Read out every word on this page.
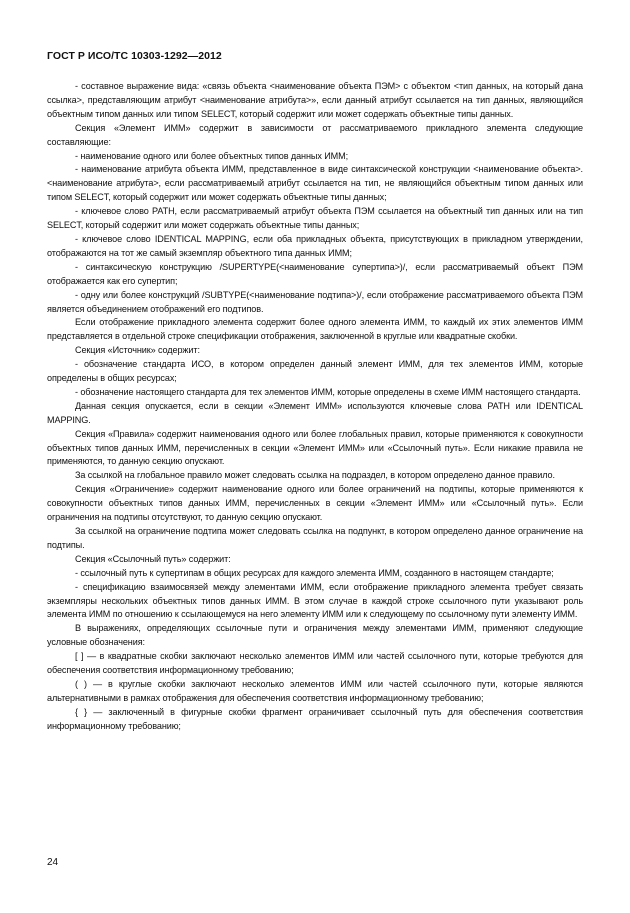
ГОСТ Р ИСО/ТС 10303-1292—2012

- составное выражение вида: «связь объекта <наименование объекта ПЭМ> с объектом <тип данных, на который дана ссылка>, представляющим атрибут <наименование атрибута>», если данный атрибут ссылается на тип данных, являющийся объектным типом данных или типом SELECT, который содержит или может содержать объектные типы данных.

Секция «Элемент ИММ» содержит в зависимости от рассматриваемого прикладного элемента следующие составляющие:

- наименование одного или более объектных типов данных ИММ;

- наименование атрибута объекта ИММ, представленное в виде синтаксической конструкции <наименование объекта>.<наименование атрибута>, если рассматриваемый атрибут ссылается на тип, не являющийся объектным типом данных или типом SELECT, который содержит или может содержать объектные типы данных;

- ключевое слово PATH, если рассматриваемый атрибут объекта ПЭМ ссылается на объектный тип данных или на тип SELECT, который содержит или может содержать объектные типы данных;

- ключевое слово IDENTICAL MAPPING, если оба прикладных объекта, присутствующих в прикладном утверждении, отображаются на тот же самый экземпляр объектного типа данных ИММ;

- синтаксическую конструкцию /SUPERTYPE(<наименование супертипа>)/, если рассматриваемый объект ПЭМ отображается как его супертип;

- одну или более конструкций /SUBTYPE(<наименование подтипа>)/, если отображение рассматриваемого объекта ПЭМ является объединением отображений его подтипов.

Если отображение прикладного элемента содержит более одного элемента ИММ, то каждый их этих элементов ИММ представляется в отдельной строке спецификации отображения, заключенной в круглые или квадратные скобки.

Секция «Источник» содержит:

- обозначение стандарта ИСО, в котором определен данный элемент ИММ, для тех элементов ИММ, которые определены в общих ресурсах;

- обозначение настоящего стандарта для тех элементов ИММ, которые определены в схеме ИММ настоящего стандарта.

Данная секция опускается, если в секции «Элемент ИММ» используются ключевые слова PATH или IDENTICAL MAPPING.

Секция «Правила» содержит наименования одного или более глобальных правил, которые применяются к совокупности объектных типов данных ИММ, перечисленных в секции «Элемент ИММ» или «Ссылочный путь». Если никакие правила не применяются, то данную секцию опускают.

За ссылкой на глобальное правило может следовать ссылка на подраздел, в котором определено данное правило.

Секция «Ограничение» содержит наименование одного или более ограничений на подтипы, которые применяются к совокупности объектных типов данных ИММ, перечисленных в секции «Элемент ИММ» или «Ссылочный путь». Если ограничения на подтипы отсутствуют, то данную секцию опускают.

За ссылкой на ограничение подтипа может следовать ссылка на подпункт, в котором определено данное ограничение на подтипы.

Секция «Ссылочный путь» содержит:

- ссылочный путь к супертипам в общих ресурсах для каждого элемента ИММ, созданного в настоящем стандарте;

- спецификацию взаимосвязей между элементами ИММ, если отображение прикладного элемента требует связать экземпляры нескольких объектных типов данных ИММ. В этом случае в каждой строке ссылочного пути указывают роль элемента ИММ по отношению к ссылающемуся на него элементу ИММ или к следующему по ссылочному пути элементу ИММ.

В выражениях, определяющих ссылочные пути и ограничения между элементами ИММ, применяют следующие условные обозначения:

[ ] — в квадратные скобки заключают несколько элементов ИММ или частей ссылочного пути, которые требуются для обеспечения соответствия информационному требованию;

( ) — в круглые скобки заключают несколько элементов ИММ или частей ссылочного пути, которые являются альтернативными в рамках отображения для обеспечения соответствия информационному требованию;

{ } — заключенный в фигурные скобки фрагмент ограничивает ссылочный путь для обеспечения соответствия информационному требованию;

24
